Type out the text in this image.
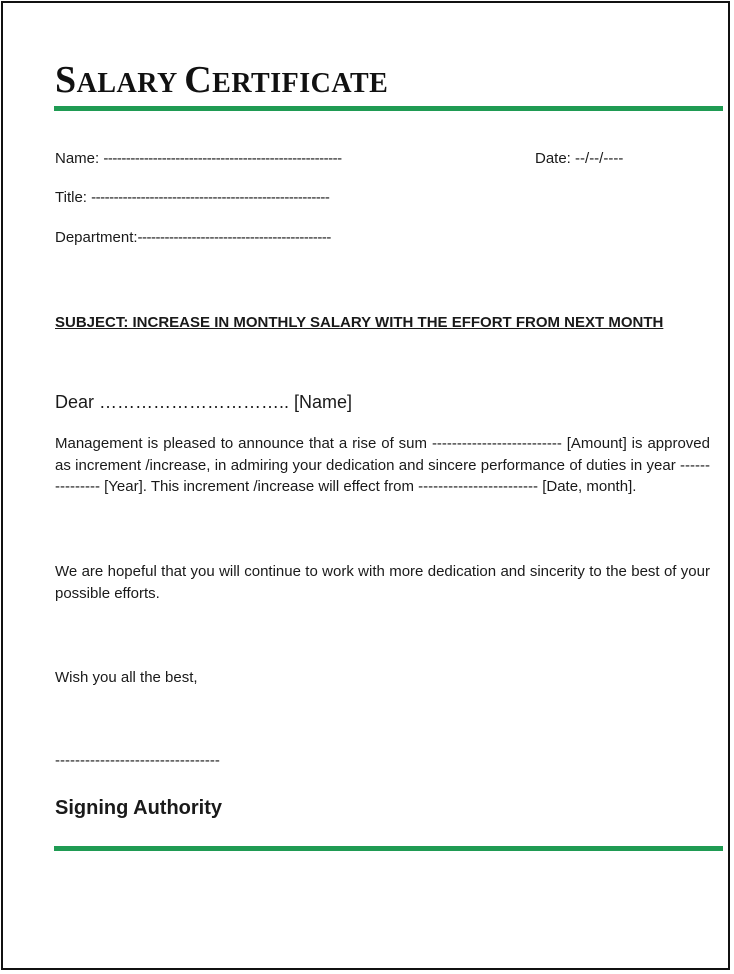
SALARY CERTIFICATE
Name: -----------------------------------------------------	Date: --/--/----
Title: -----------------------------------------------------
Department:-------------------------------------------
SUBJECT: INCREASE IN MONTHLY SALARY WITH THE EFFORT FROM NEXT MONTH
Dear ………………………….. [Name]
Management is pleased to announce that a rise of sum -------------------------- [Amount] is approved as increment /increase, in admiring your dedication and sincere performance of duties in year --------------- [Year]. This increment /increase will effect from ------------------------ [Date, month].
We are hopeful that you will continue to work with more dedication and sincerity to the best of your possible efforts.
Wish you all the best,
---------------------------------
Signing Authority
